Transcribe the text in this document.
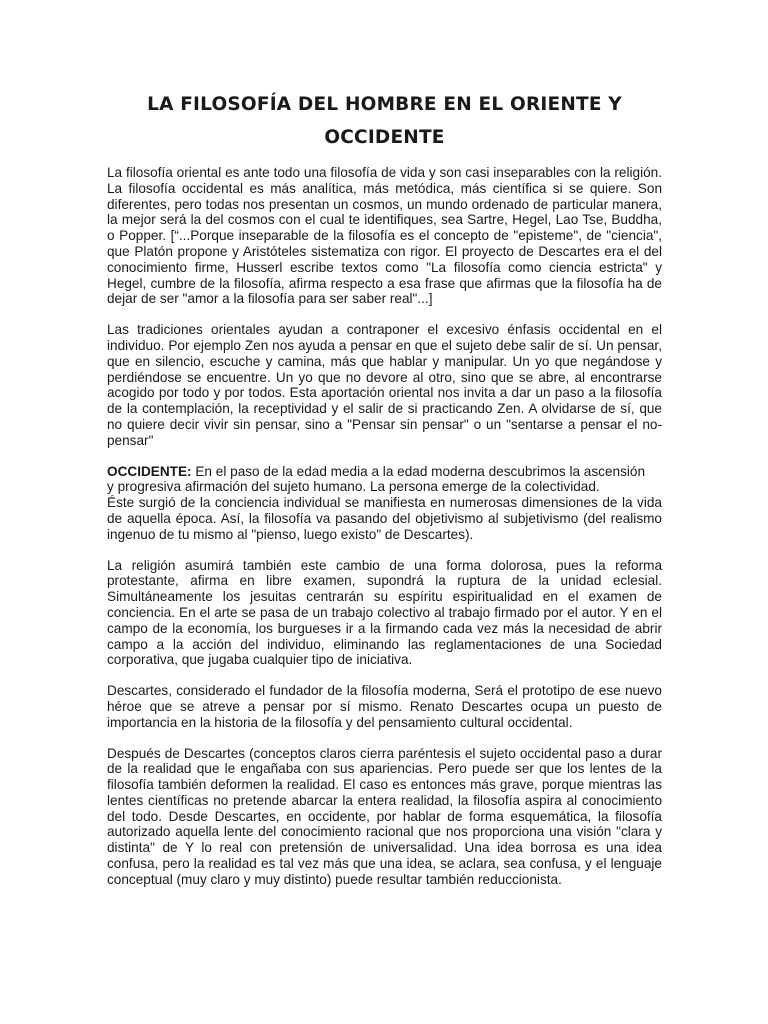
LA FILOSOFÍA DEL HOMBRE EN EL ORIENTE Y
OCCIDENTE

La filosofía oriental es ante todo una filosofía de vida y son casi inseparables con la religión. La filosofía occidental es más analítica, más metódica, más científica si se quiere. Son diferentes, pero todas nos presentan un cosmos, un mundo ordenado de particular manera, la mejor será la del cosmos con el cual te identifiques, sea Sartre, Hegel, Lao Tse, Buddha, o Popper. [“...Porque inseparable de la filosofía es el concepto de "episteme", de "ciencia", que Platón propone y Aristóteles sistematiza con rigor. El proyecto de Descartes era el del conocimiento firme, Husserl escribe textos como "La filosofía como ciencia estricta" y Hegel, cumbre de la filosofía, afirma respecto a esa frase que afirmas que la filosofía ha de dejar de ser "amor a la filosofía para ser saber real"...]

Las tradiciones orientales ayudan a contraponer el excesivo énfasis occidental en el individuo. Por ejemplo Zen nos ayuda a pensar en que el sujeto debe salir de sí. Un pensar, que en silencio, escuche y camina, más que hablar y manipular. Un yo que negándose y perdiéndose se encuentre. Un yo que no devore al otro, sino que se abre, al encontrarse acogido por todo y por todos. Esta aportación oriental nos invita a dar un paso a la filosofía de la contemplación, la receptividad y el salir de si practicando Zen. A olvidarse de sí, que no quiere decir vivir sin pensar, sino a "Pensar sin pensar" o un "sentarse a pensar el no-pensar"

OCCIDENTE: En el paso de la edad media a la edad moderna descubrimos la ascensión
y progresiva afirmación del sujeto humano. La persona emerge de la colectividad.
Éste surgió de la conciencia individual se manifiesta en numerosas dimensiones de la vida de aquella época. Así, la filosofía va pasando del objetivismo al subjetivismo (del realismo ingenuo de tu mismo al "pienso, luego existo" de Descartes).

La religión asumirá también este cambio de una forma dolorosa, pues la reforma protestante, afirma en libre examen, supondrá la ruptura de la unidad eclesial. Simultáneamente los jesuitas centrarán su espíritu espiritualidad en el examen de conciencia. En el arte se pasa de un trabajo colectivo al trabajo firmado por el autor. Y en el campo de la economía, los burgueses ir a la firmando cada vez más la necesidad de abrir campo a la acción del individuo, eliminando las reglamentaciones de una Sociedad corporativa, que jugaba cualquier tipo de iniciativa.

Descartes, considerado el fundador de la filosofía moderna, Será el prototipo de ese nuevo héroe que se atreve a pensar por sí mismo. Renato Descartes ocupa un puesto de importancia en la historia de la filosofía y del pensamiento cultural occidental.

Después de Descartes (conceptos claros cierra paréntesis el sujeto occidental paso a durar de la realidad que le engañaba con sus apariencias. Pero puede ser que los lentes de la filosofía también deformen la realidad. El caso es entonces más grave, porque mientras las lentes científicas no pretende abarcar la entera realidad, la filosofía aspira al conocimiento del todo. Desde Descartes, en occidente, por hablar de forma esquemática, la filosofía autorizado aquella lente del conocimiento racional que nos proporciona una visión "clara y distinta" de Y lo real con pretensión de universalidad. Una idea borrosa es una idea confusa, pero la realidad es tal vez más que una idea, se aclara, sea confusa, y el lenguaje conceptual (muy claro y muy distinto) puede resultar también reduccionista.
